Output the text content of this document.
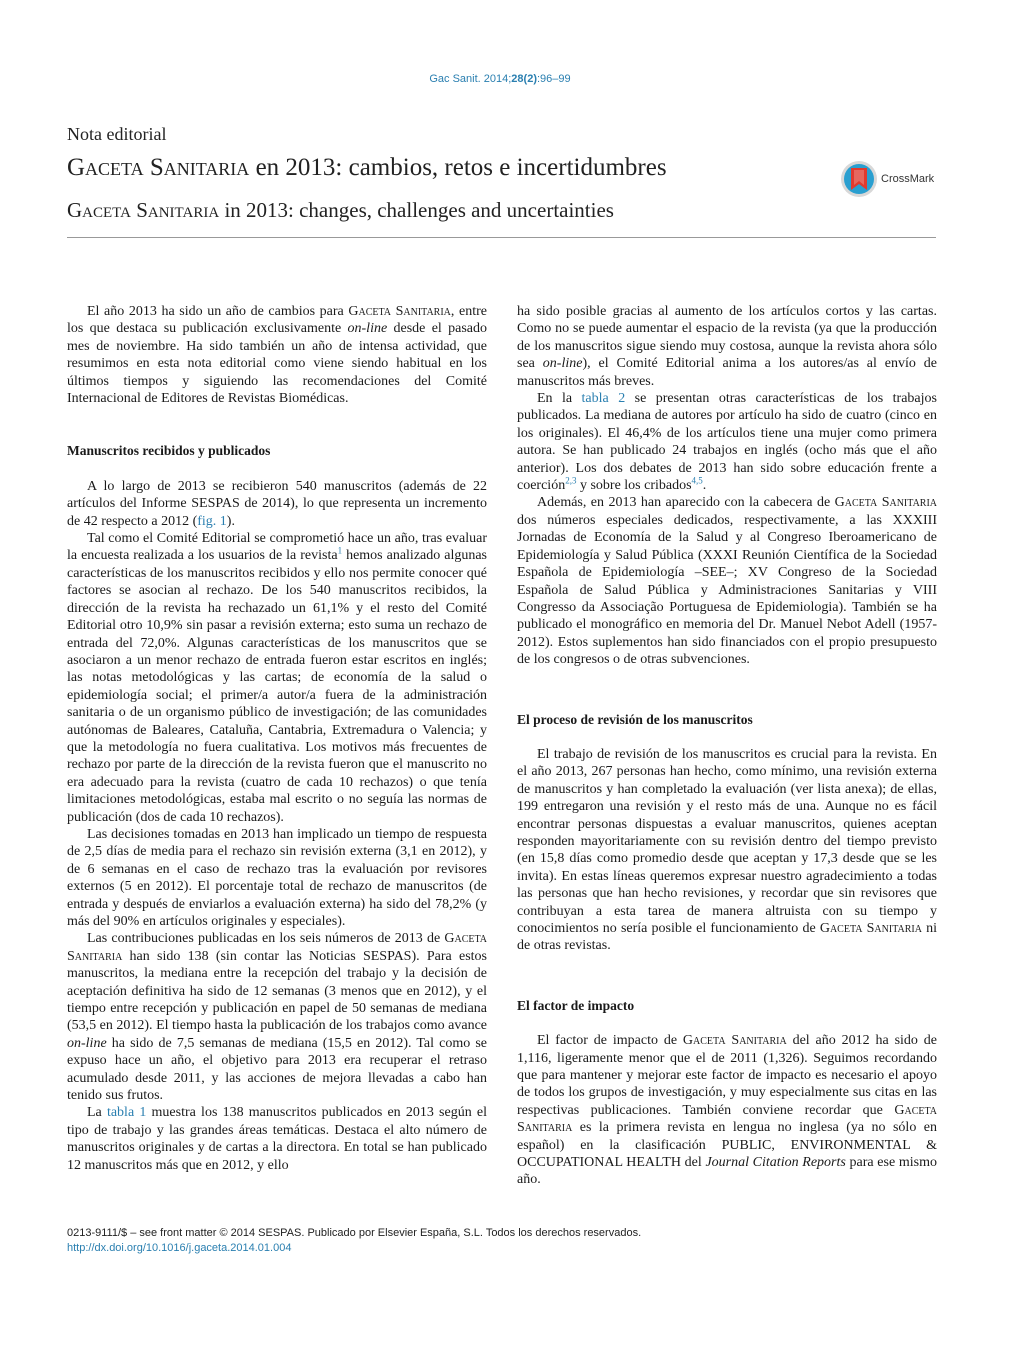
Gac Sanit. 2014;28(2):96–99
Nota editorial
Gaceta Sanitaria en 2013: cambios, retos e incertidumbres
Gaceta Sanitaria in 2013: changes, challenges and uncertainties
CrossMark

El año 2013 ha sido un año de cambios para Gaceta Sanitaria, entre los que destaca su publicación exclusivamente on-line desde el pasado mes de noviembre. Ha sido también un año de intensa actividad, que resumimos en esta nota editorial como viene siendo habitual en los últimos tiempos y siguiendo las recomendaciones del Comité Internacional de Editores de Revistas Biomédicas.

Manuscritos recibidos y publicados

A lo largo de 2013 se recibieron 540 manuscritos (además de 22 artículos del Informe SESPAS de 2014), lo que representa un incremento de 42 respecto a 2012 (fig. 1).

Tal como el Comité Editorial se comprometió hace un año, tras evaluar la encuesta realizada a los usuarios de la revista$^1$ hemos analizado algunas características de los manuscritos recibidos y ello nos permite conocer qué factores se asocian al rechazo. De los 540 manuscritos recibidos, la dirección de la revista ha rechazado un 61,1% y el resto del Comité Editorial otro 10,9% sin pasar a revisión externa; esto suma un rechazo de entrada del 72,0%. Algunas características de los manuscritos que se asociaron a un menor rechazo de entrada fueron estar escritos en inglés; las notas metodológicas y las cartas; de economía de la salud o epidemiología social; el primer/a autor/a fuera de la administración sanitaria o de un organismo público de investigación; de las comunidades autónomas de Baleares, Cataluña, Cantabria, Extremadura o Valencia; y que la metodología no fuera cualitativa. Los motivos más frecuentes de rechazo por parte de la dirección de la revista fueron que el manuscrito no era adecuado para la revista (cuatro de cada 10 rechazos) o que tenía limitaciones metodológicas, estaba mal escrito o no seguía las normas de publicación (dos de cada 10 rechazos).

Las decisiones tomadas en 2013 han implicado un tiempo de respuesta de 2,5 días de media para el rechazo sin revisión externa (3,1 en 2012), y de 6 semanas en el caso de rechazo tras la evaluación por revisores externos (5 en 2012). El porcentaje total de rechazo de manuscritos (de entrada y después de enviarlos a evaluación externa) ha sido del 78,2% (y más del 90% en artículos originales y especiales).

Las contribuciones publicadas en los seis números de 2013 de Gaceta Sanitaria han sido 138 (sin contar las Noticias SESPAS). Para estos manuscritos, la mediana entre la recepción del trabajo y la decisión de aceptación definitiva ha sido de 12 semanas (3 menos que en 2012), y el tiempo entre recepción y publicación en papel de 50 semanas de mediana (53,5 en 2012). El tiempo hasta la publicación de los trabajos como avance on-line ha sido de 7,5 semanas de mediana (15,5 en 2012). Tal como se expuso hace un año, el objetivo para 2013 era recuperar el retraso acumulado desde 2011, y las acciones de mejora llevadas a cabo han tenido sus frutos.

La tabla 1 muestra los 138 manuscritos publicados en 2013 según el tipo de trabajo y las grandes áreas temáticas. Destaca el alto número de manuscritos originales y de cartas a la directora. En total se han publicado 12 manuscritos más que en 2012, y ello

ha sido posible gracias al aumento de los artículos cortos y las cartas. Como no se puede aumentar el espacio de la revista (ya que la producción de los manuscritos sigue siendo muy costosa, aunque la revista ahora sólo sea on-line), el Comité Editorial anima a los autores/as al envío de manuscritos más breves.

En la tabla 2 se presentan otras características de los trabajos publicados. La mediana de autores por artículo ha sido de cuatro (cinco en los originales). El 46,4% de los artículos tiene una mujer como primera autora. Se han publicado 24 trabajos en inglés (ocho más que el año anterior). Los dos debates de 2013 han sido sobre educación frente a coerción$^{2,3}$ y sobre los cribados$^{4,5}$.

Además, en 2013 han aparecido con la cabecera de Gaceta Sanitaria dos números especiales dedicados, respectivamente, a las XXXIII Jornadas de Economía de la Salud y al Congreso Iberoamericano de Epidemiología y Salud Pública (XXXI Reunión Científica de la Sociedad Española de Epidemiología –SEE–; XV Congreso de la Sociedad Española de Salud Pública y Administraciones Sanitarias y VIII Congresso da Associação Portuguesa de Epidemiologia). También se ha publicado el monográfico en memoria del Dr. Manuel Nebot Adell (1957-2012). Estos suplementos han sido financiados con el propio presupuesto de los congresos o de otras subvenciones.

El proceso de revisión de los manuscritos

El trabajo de revisión de los manuscritos es crucial para la revista. En el año 2013, 267 personas han hecho, como mínimo, una revisión externa de manuscritos y han completado la evaluación (ver lista anexa); de ellas, 199 entregaron una revisión y el resto más de una. Aunque no es fácil encontrar personas dispuestas a evaluar manuscritos, quienes aceptan responden mayoritariamente con su revisión dentro del tiempo previsto (en 15,8 días como promedio desde que aceptan y 17,3 desde que se les invita). En estas líneas queremos expresar nuestro agradecimiento a todas las personas que han hecho revisiones, y recordar que sin revisores que contribuyan a esta tarea de manera altruista con su tiempo y conocimientos no sería posible el funcionamiento de Gaceta Sanitaria ni de otras revistas.

El factor de impacto

El factor de impacto de Gaceta Sanitaria del año 2012 ha sido de 1,116, ligeramente menor que el de 2011 (1,326). Seguimos recordando que para mantener y mejorar este factor de impacto es necesario el apoyo de todos los grupos de investigación, y muy especialmente sus citas en las respectivas publicaciones. También conviene recordar que Gaceta Sanitaria es la primera revista en lengua no inglesa (ya no sólo en español) en la clasificación PUBLIC, ENVIRONMENTAL & OCCUPATIONAL HEALTH del Journal Citation Reports para ese mismo año.

0213-9111/$ – see front matter © 2014 SESPAS. Publicado por Elsevier España, S.L. Todos los derechos reservados.
http://dx.doi.org/10.1016/j.gaceta.2014.01.004
